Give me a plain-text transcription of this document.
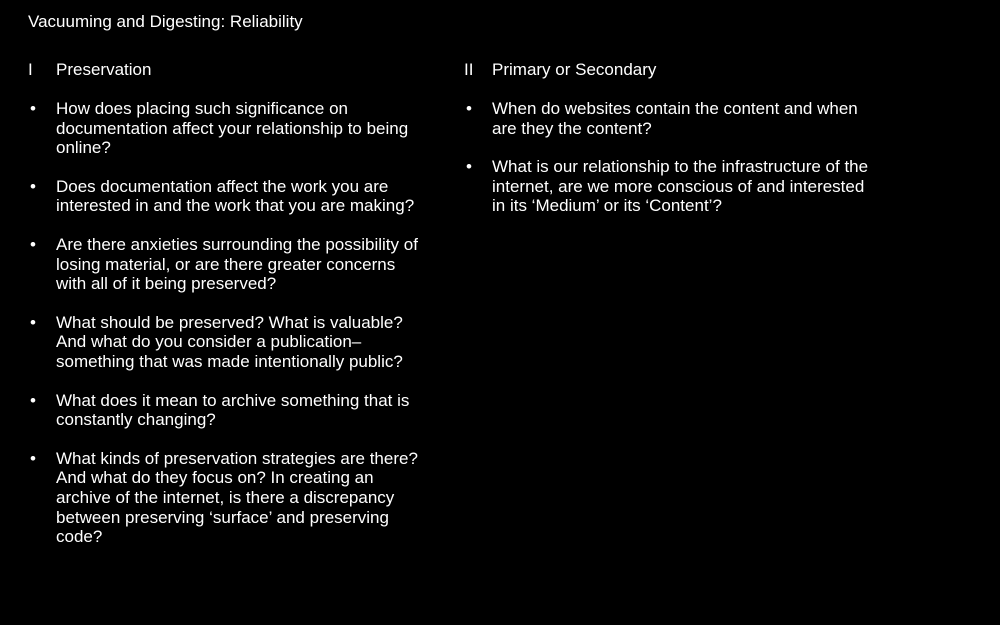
Vacuuming and Digesting: Reliability
I Preservation
• How does placing such significance on documentation affect your relationship to being online?
• Does documentation affect the work you are interested in and the work that you are making?
• Are there anxieties surrounding the possibility of losing material, or are there greater concerns with all of it being preserved?
• What should be preserved? What is valuable? And what do you consider a publication–something that was made intentionally public?
• What does it mean to archive something that is constantly changing?
• What kinds of preservation strategies are there? And what do they focus on? In creating an archive of the internet, is there a discrepancy between preserving ‘surface’ and preserving code?
II Primary or Secondary
• When do websites contain the content and when are they the content?
• What is our relationship to the infrastructure of the internet, are we more conscious of and interested in its ‘Medium’ or its ‘Content’?
